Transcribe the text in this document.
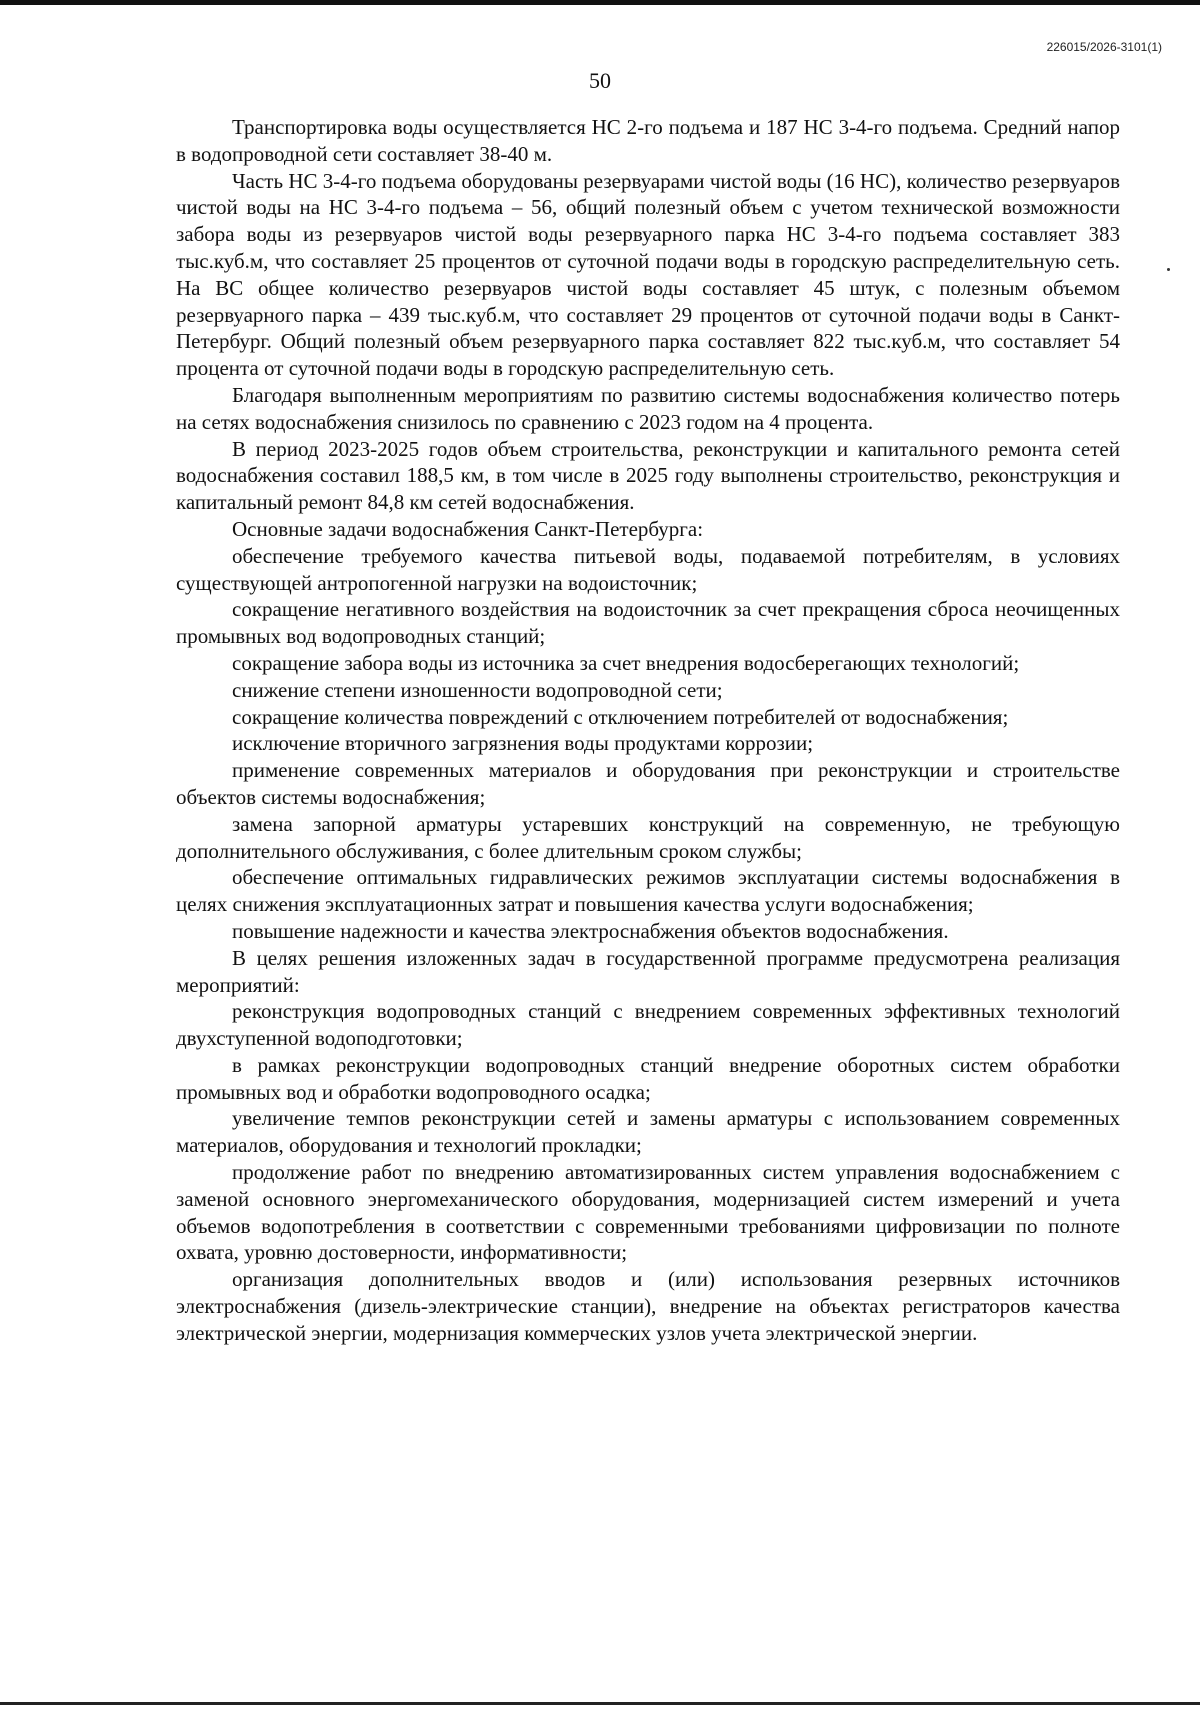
226015/2026-3101(1)
50

Транспортировка воды осуществляется НС 2-го подъема и 187 НС 3-4-го подъема. Средний напор в водопроводной сети составляет 38-40 м.

Часть НС 3-4-го подъема оборудованы резервуарами чистой воды (16 НС), количество резервуаров чистой воды на НС 3-4-го подъема – 56, общий полезный объем с учетом технической возможности забора воды из резервуаров чистой воды резервуарного парка НС 3-4-го подъема составляет 383 тыс.куб.м, что составляет 25 процентов от суточной подачи воды в городскую распределительную сеть. На ВС общее количество резервуаров чистой воды составляет 45 штук, с полезным объемом резервуарного парка – 439 тыс.куб.м, что составляет 29 процентов от суточной подачи воды в Санкт-Петербург. Общий полезный объем резервуарного парка составляет 822 тыс.куб.м, что составляет 54 процента от суточной подачи воды в городскую распределительную сеть.

Благодаря выполненным мероприятиям по развитию системы водоснабжения количество потерь на сетях водоснабжения снизилось по сравнению с 2023 годом на 4 процента.

В период 2023-2025 годов объем строительства, реконструкции и капитального ремонта сетей водоснабжения составил 188,5 км, в том числе в 2025 году выполнены строительство, реконструкция и капитальный ремонт 84,8 км сетей водоснабжения.

Основные задачи водоснабжения Санкт-Петербурга:

обеспечение требуемого качества питьевой воды, подаваемой потребителям, в условиях существующей антропогенной нагрузки на водоисточник;

сокращение негативного воздействия на водоисточник за счет прекращения сброса неочищенных промывных вод водопроводных станций;

сокращение забора воды из источника за счет внедрения водосберегающих технологий;

снижение степени изношенности водопроводной сети;

сокращение количества повреждений с отключением потребителей от водоснабжения;

исключение вторичного загрязнения воды продуктами коррозии;

применение современных материалов и оборудования при реконструкции и строительстве объектов системы водоснабжения;

замена запорной арматуры устаревших конструкций на современную, не требующую дополнительного обслуживания, с более длительным сроком службы;

обеспечение оптимальных гидравлических режимов эксплуатации системы водоснабжения в целях снижения эксплуатационных затрат и повышения качества услуги водоснабжения;

повышение надежности и качества электроснабжения объектов водоснабжения.

В целях решения изложенных задач в государственной программе предусмотрена реализация мероприятий:

реконструкция водопроводных станций с внедрением современных эффективных технологий двухступенной водоподготовки;

в рамках реконструкции водопроводных станций внедрение оборотных систем обработки промывных вод и обработки водопроводного осадка;

увеличение темпов реконструкции сетей и замены арматуры с использованием современных материалов, оборудования и технологий прокладки;

продолжение работ по внедрению автоматизированных систем управления водоснабжением с заменой основного энергомеханического оборудования, модернизацией систем измерений и учета объемов водопотребления в соответствии с современными требованиями цифровизации по полноте охвата, уровню достоверности, информативности;

организация дополнительных вводов и (или) использования резервных источников электроснабжения (дизель-электрические станции), внедрение на объектах регистраторов качества электрической энергии, модернизация коммерческих узлов учета электрической энергии.
